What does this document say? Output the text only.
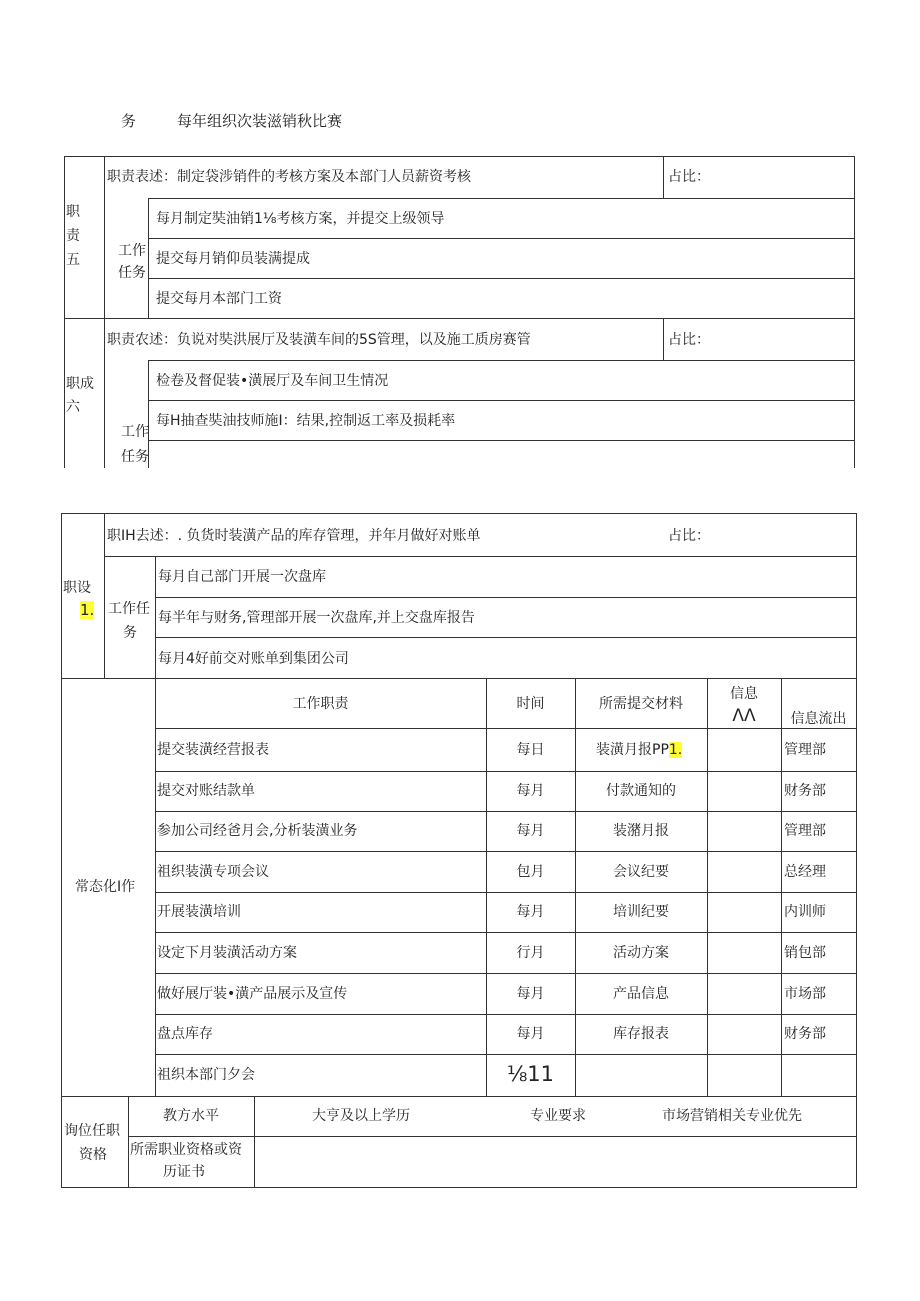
务	每年组织次装滋销秋比赛
职
责
五
职责表述：制定袋涉销件的考核方案及本部门人员薪资考核	占比：
工作
任务
每月制定奘油销1⅛考核方案，并提交上级领导
提交每月销仰员装满提成
提交每月本部门工资
职成
六
职责农述：负说对奘洪展厅及装潢车间的5S管理，以及施工质房赛管	占比：
工作
任务
检卷及督促装•潢展厅及车间卫生情况
每H抽查奘油技师施I：结果,控制返工率及损耗率
职设
1.
职IH去述：. 负货时装潢产品的库存管理，并年月做好对账单	占比：
工作任
务
每月自己部门开展一次盘库
每半年与财务,管理部开展一次盘库,并上交盘库报告
每月4好前交对账单到集团公司
常态化I作
工作职责	时间	所需提交材料
信息
ΛΛ	信息流出
提交装潢经营报表	每日	装潢月报PP1.	管理部
提交对账结款单	每月	付款通知的	财务部
参加公司经爸月会,分析装潢业务	每月	装潴月报	管理部
祖织装潢专项会议	包月	会议纪要	总经理
开展装潢培训	每月	培训纪要	内训师
设定下月装潢活动方案	行月	活动方案	销包部
做好展厅装•潢产品展示及宣传	每月	产品信息	市场部
盘点库存	每月	库存报表	财务部
祖织本部门夕会	⅛11
询位任职
资格
教方水平	大亨及以上学历	专业要求	市场营销相关专业优先
所需职业资格或资
历证书
